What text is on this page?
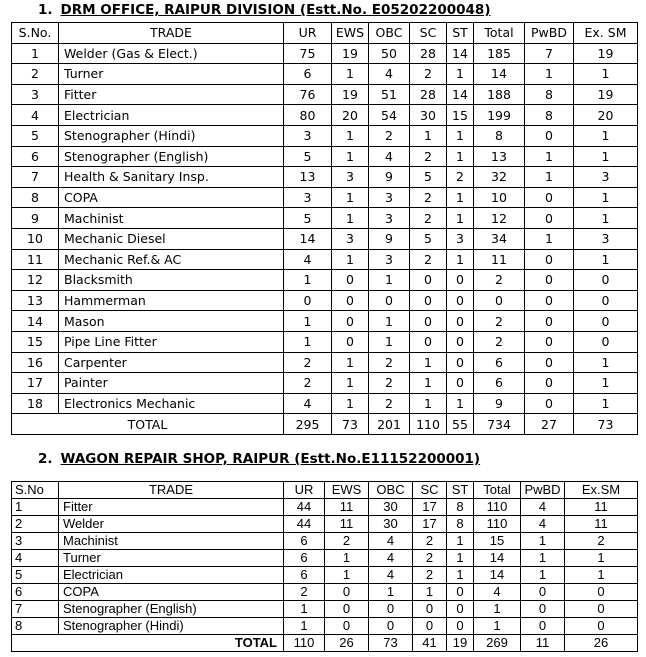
1. DRM OFFICE, RAIPUR DIVISION (Estt.No. E05202200048)
S.No.	TRADE	UR	EWS	OBC	SC	ST	Total	PwBD	Ex. SM
1	Welder (Gas & Elect.)	75	19	50	28	14	185	7	19
2	Turner	6	1	4	2	1	14	1	1
3	Fitter	76	19	51	28	14	188	8	19
4	Electrician	80	20	54	30	15	199	8	20
5	Stenographer (Hindi)	3	1	2	1	1	8	0	1
6	Stenographer (English)	5	1	4	2	1	13	1	1
7	Health & Sanitary Insp.	13	3	9	5	2	32	1	3
8	COPA	3	1	3	2	1	10	0	1
9	Machinist	5	1	3	2	1	12	0	1
10	Mechanic Diesel	14	3	9	5	3	34	1	3
11	Mechanic Ref.& AC	4	1	3	2	1	11	0	1
12	Blacksmith	1	0	1	0	0	2	0	0
13	Hammerman	0	0	0	0	0	0	0	0
14	Mason	1	0	1	0	0	2	0	0
15	Pipe Line Fitter	1	0	1	0	0	2	0	0
16	Carpenter	2	1	2	1	0	6	0	1
17	Painter	2	1	2	1	0	6	0	1
18	Electronics Mechanic	4	1	2	1	1	9	0	1
TOTAL		295	73	201	110	55	734	27	73
2. WAGON REPAIR SHOP, RAIPUR (Estt.No.E11152200001)
S.No	TRADE	UR	EWS	OBC	SC	ST	Total	PwBD	Ex.SM
1	Fitter	44	11	30	17	8	110	4	11
2	Welder	44	11	30	17	8	110	4	11
3	Machinist	6	2	4	2	1	15	1	2
4	Turner	6	1	4	2	1	14	1	1
5	Electrician	6	1	4	2	1	14	1	1
6	COPA	2	0	1	1	0	4	0	0
7	Stenographer (English)	1	0	0	0	0	1	0	0
8	Stenographer (Hindi)	1	0	0	0	0	1	0	0
TOTAL		110	26	73	41	19	269	11	26
